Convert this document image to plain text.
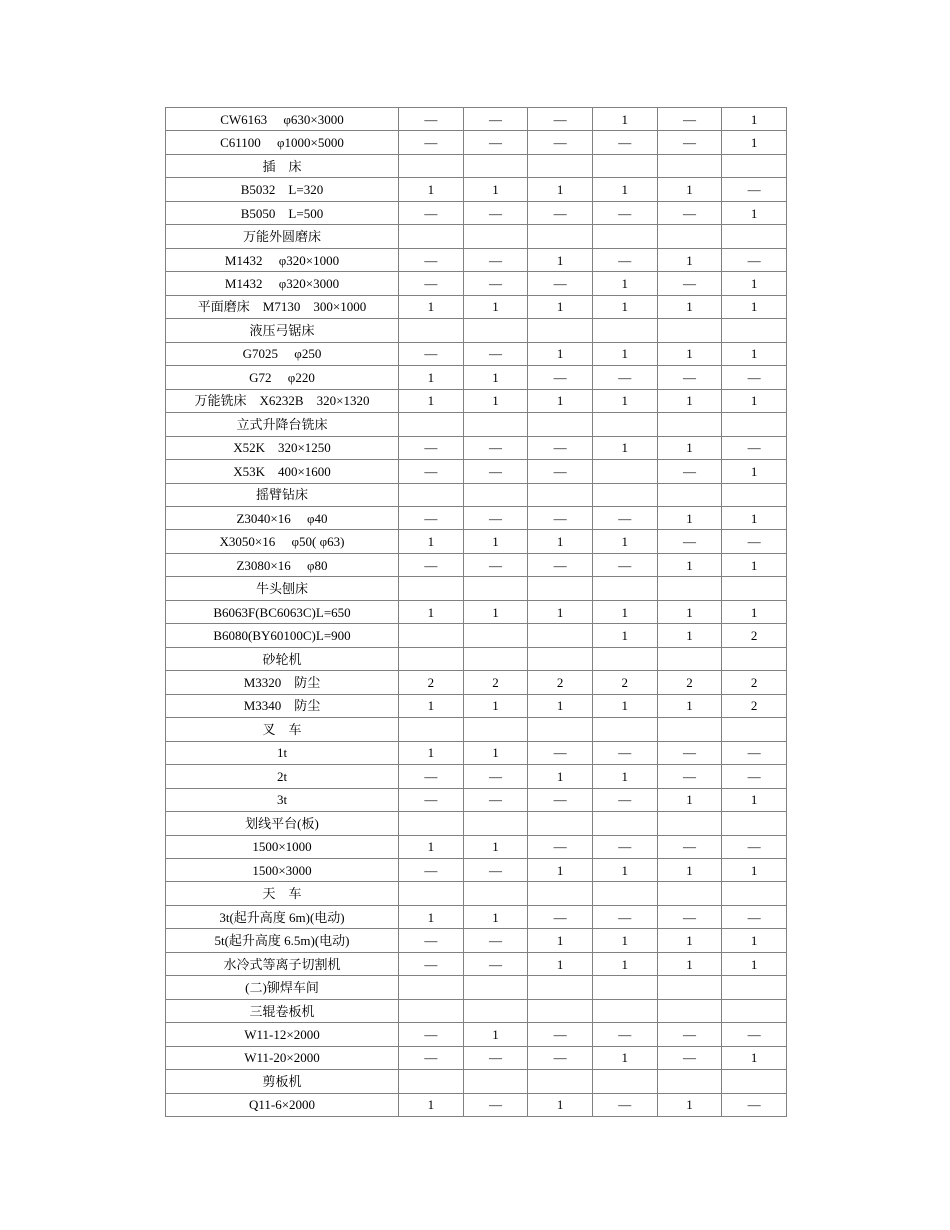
CW6163　 φ630×3000	—	—	—	1	—	1
C61100　 φ1000×5000	—	—	—	—	—	1
插　床						
B5032　L=320	1	1	1	1	1	—
B5050　L=500	—	—	—	—	—	1
万能外圆磨床						
M1432　 φ320×1000	—	—	1	—	1	—
M1432　 φ320×3000	—	—	—	1	—	1
平面磨床　M7130　300×1000	1	1	1	1	1	1
液压弓锯床						
G7025　 φ250	—	—	1	1	1	1
G72　 φ220	1	1	—	—	—	—
万能铣床　X6232B　320×1320	1	1	1	1	1	1
立式升降台铣床						
X52K　320×1250	—	—	—	1	1	—
X53K　400×1600	—	—	—		—	1
摇臂钻床						
Z3040×16　 φ40	—	—	—	—	1	1
X3050×16　 φ50( φ63)	1	1	1	1	—	—
Z3080×16　 φ80	—	—	—	—	1	1
牛头刨床						
B6063F(BC6063C)L=650	1	1	1	1	1	1
B6080(BY60100C)L=900				1	1	2
砂轮机						
M3320　防尘	2	2	2	2	2	2
M3340　防尘	1	1	1	1	1	2
叉　车						
1t	1	1	—	—	—	—
2t	—	—	1	1	—	—
3t	—	—	—	—	1	1
划线平台(板)						
1500×1000	1	1	—	—	—	—
1500×3000	—	—	1	1	1	1
天　车						
3t(起升高度 6m)(电动)	1	1	—	—	—	—
5t(起升高度 6.5m)(电动)	—	—	1	1	1	1
水冷式等离子切割机	—	—	1	1	1	1
(二)铆焊车间						
三辊卷板机						
W11-12×2000	—	1	—	—	—	—
W11-20×2000	—	—	—	1	—	1
剪板机						
Q11-6×2000	1	—	1	—	1	—
